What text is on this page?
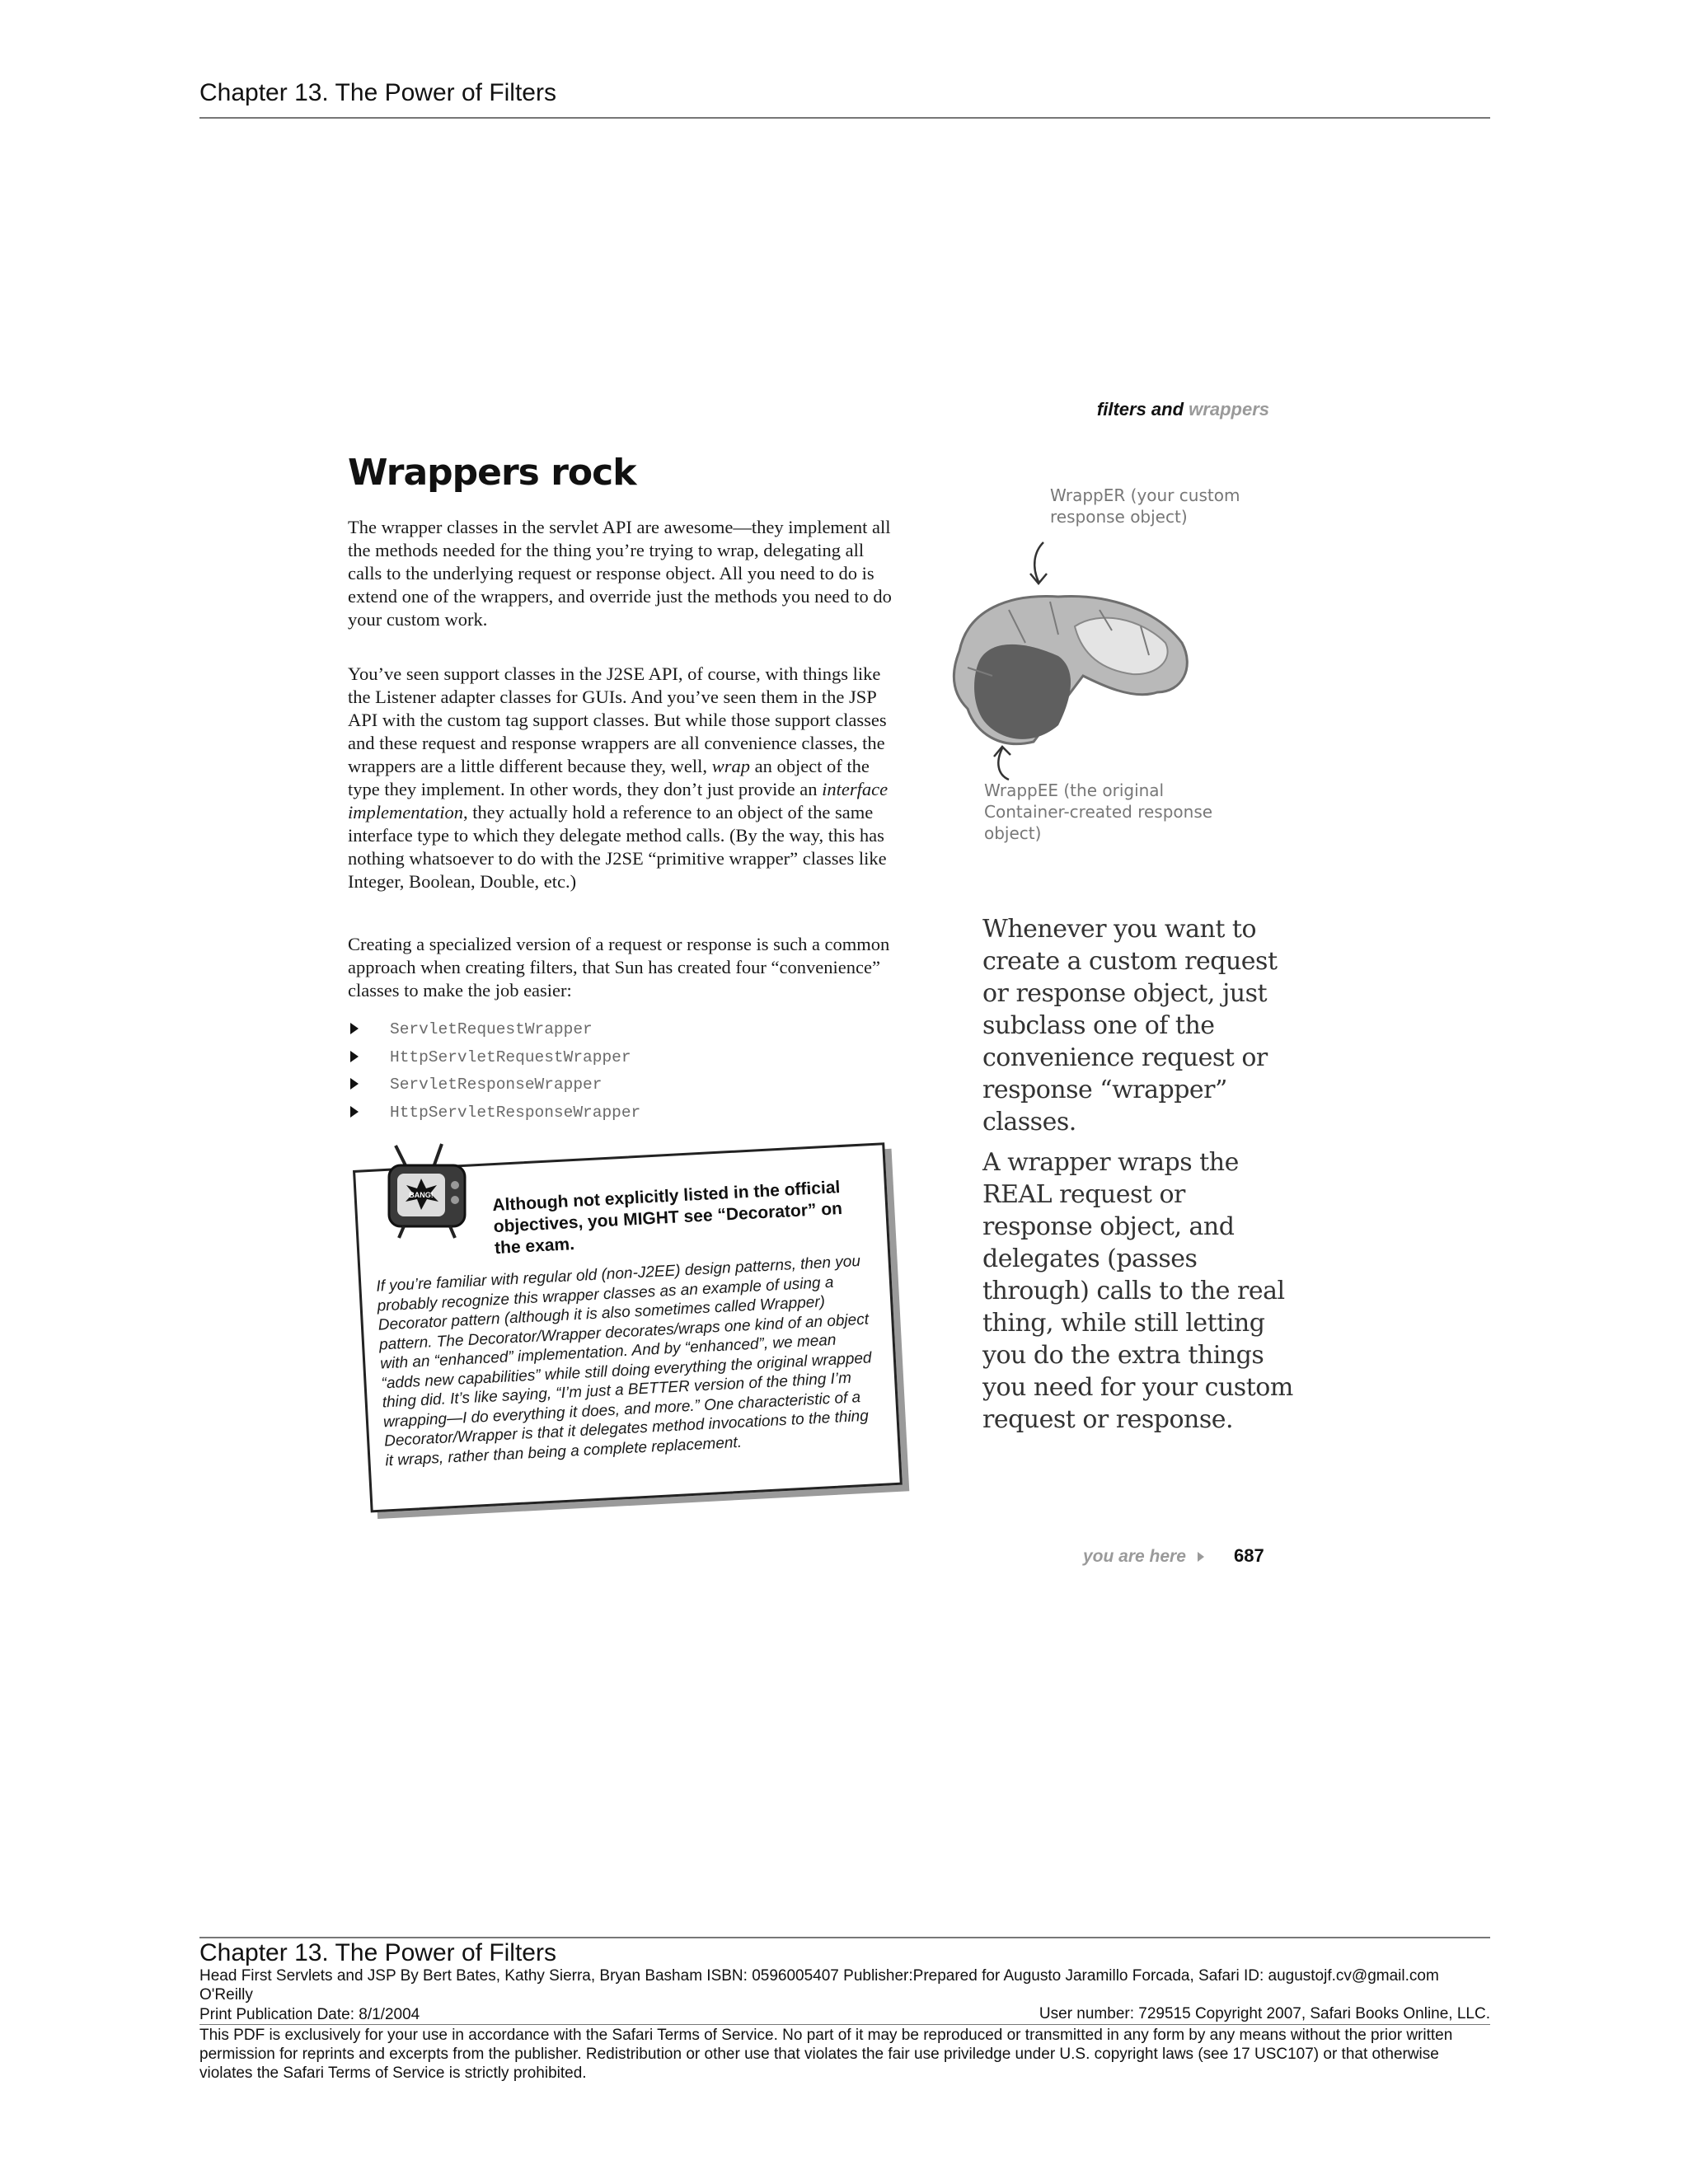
Chapter 13. The Power of Filters
filters and wrappers
Wrappers rock
The wrapper classes in the servlet API are awesome—they implement all the methods needed for the thing you’re trying to wrap, delegating all calls to the underlying request or response object. All you need to do is extend one of the wrappers, and override just the methods you need to do your custom work.
You’ve seen support classes in the J2SE API, of course, with things like the Listener adapter classes for GUIs. And you’ve seen them in the JSP API with the custom tag support classes. But while those support classes and these request and response wrappers are all convenience classes, the wrappers are a little different because they, well, wrap an object of the type they implement. In other words, they don’t just provide an interface implementation, they actually hold a reference to an object of the same interface type to which they delegate method calls. (By the way, this has nothing whatsoever to do with the J2SE “primitive wrapper” classes like Integer, Boolean, Double, etc.)
Creating a specialized version of a request or response is such a common approach when creating filters, that Sun has created four “convenience” classes to make the job easier:
ServletRequestWrapper
HttpServletRequestWrapper
ServletResponseWrapper
HttpServletResponseWrapper
Although not explicitly listed in the official objectives, you MIGHT see “Decorator” on the exam.
If you’re familiar with regular old (non-J2EE) design patterns, then you probably recognize this wrapper classes as an example of using a Decorator pattern (although it is also sometimes called Wrapper) pattern. The Decorator/Wrapper decorates/wraps one kind of an object with an “enhanced” implementation. And by “enhanced”, we mean “adds new capabilities” while still doing everything the original wrapped thing did. It’s like saying, “I’m just a BETTER version of the thing I’m wrapping—I do everything it does, and more.” One characteristic of a Decorator/Wrapper is that it delegates method invocations to the thing it wraps, rather than being a complete replacement.
BANG!
WrappER (your custom response object)
WrappEE (the original Container-created response object)

Whenever you want to create a custom request or response object, just subclass one of the convenience request or response “wrapper” classes.

A wrapper wraps the REAL request or response object, and delegates (passes through) calls to the real thing, while still letting you do the extra things you need for your custom request or response.

you are here	687
Chapter 13. The Power of Filters
Head First Servlets and JSP By Bert Bates, Kathy Sierra, Bryan Basham ISBN: 0596005407 Publisher:Prepared for Augusto Jaramillo Forcada, Safari ID: augustojf.cv@gmail.com
O'Reilly
Print Publication Date: 8/1/2004	User number: 729515 Copyright 2007, Safari Books Online, LLC.
This PDF is exclusively for your use in accordance with the Safari Terms of Service. No part of it may be reproduced or transmitted in any form by any means without the prior written permission for reprints and excerpts from the publisher. Redistribution or other use that violates the fair use priviledge under U.S. copyright laws (see 17 USC107) or that otherwise violates the Safari Terms of Service is strictly prohibited.
